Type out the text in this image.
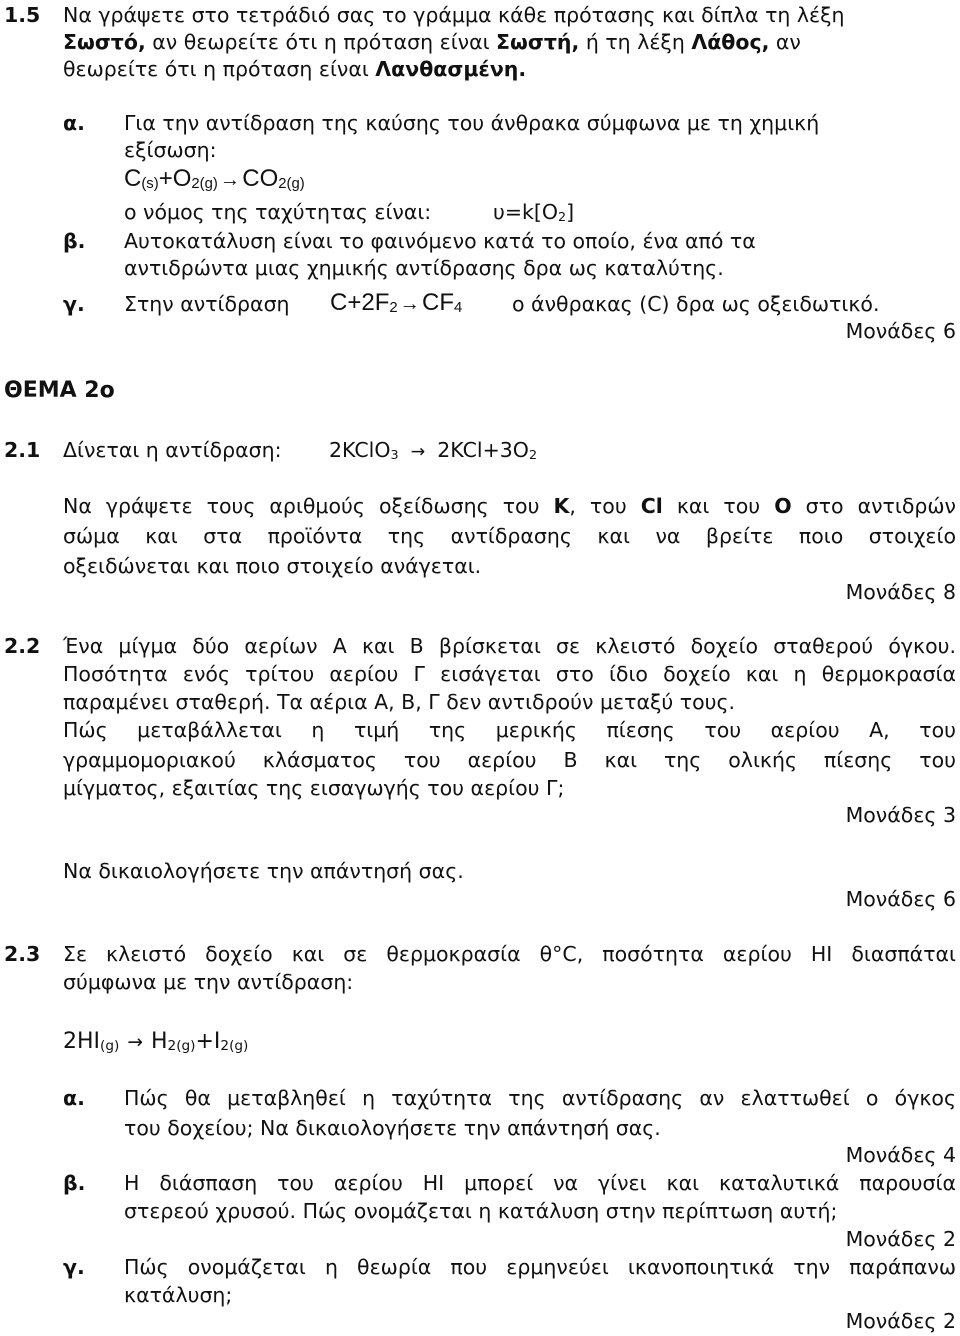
1.5 Να γράψετε στο τετράδιό σας το γράμμα κάθε πρότασης και δίπλα τη λέξη
Σωστό, αν θεωρείτε ότι η πρόταση είναι Σωστή, ή τη λέξη Λάθος, αν
θεωρείτε ότι η πρόταση είναι Λανθασμένη.
α. Για την αντίδραση της καύσης του άνθρακα σύμφωνα με τη χημική
εξίσωση:
$C_{(s)}+O_{2(g)}\to CO_{2(g)}$
ο νόμος της ταχύτητας είναι:	$\upsilon=k[O_2]$
β. Αυτοκατάλυση είναι το φαινόμενο κατά το οποίο, ένα από τα
αντιδρώντα μιας χημικής αντίδρασης δρα ως καταλύτης.
γ. Στην αντίδραση $C+2F_2\to CF_4$ ο άνθρακας (C) δρα ως οξειδωτικό.
Μονάδες 6
ΘΕΜΑ 2ο
2.1 Δίνεται η αντίδραση: 2KClO$_3$ → $2KCl+3O_2$
Να γράψετε τους αριθμούς οξείδωσης του K, του Cl και του O στο αντιδρών
σώμα και στα προϊόντα της αντίδρασης και να βρείτε ποιο στοιχείο
οξειδώνεται και ποιο στοιχείο ανάγεται.
Μονάδες 8
2.2 Ένα μίγμα δύο αερίων Α και Β βρίσκεται σε κλειστό δοχείο σταθερού όγκου.
Ποσότητα ενός τρίτου αερίου Γ εισάγεται στο ίδιο δοχείο και η θερμοκρασία
παραμένει σταθερή. Τα αέρια Α, Β, Γ δεν αντιδρούν μεταξύ τους.
Πώς μεταβάλλεται η τιμή της μερικής πίεσης του αερίου Α, του
γραμμομοριακού κλάσματος του αερίου Β και της ολικής πίεσης του
μίγματος, εξαιτίας της εισαγωγής του αερίου Γ;
Μονάδες 3
Να δικαιολογήσετε την απάντησή σας.
Μονάδες 6
2.3 Σε κλειστό δοχείο και σε θερμοκρασία θ°C, ποσότητα αερίου HI διασπάται
σύμφωνα με την αντίδραση:
$2HI_{(g)} \to H_{2(g)}+I_{2(g)}$
α. Πώς θα μεταβληθεί η ταχύτητα της αντίδρασης αν ελαττωθεί ο όγκος
του δοχείου; Να δικαιολογήσετε την απάντησή σας.
Μονάδες 4
β. Η διάσπαση του αερίου HI μπορεί να γίνει και καταλυτικά παρουσία
στερεού χρυσού. Πώς ονομάζεται η κατάλυση στην περίπτωση αυτή;
Μονάδες 2
γ. Πώς ονομάζεται η θεωρία που ερμηνεύει ικανοποιητικά την παράπανω
κατάλυση;
Μονάδες 2
